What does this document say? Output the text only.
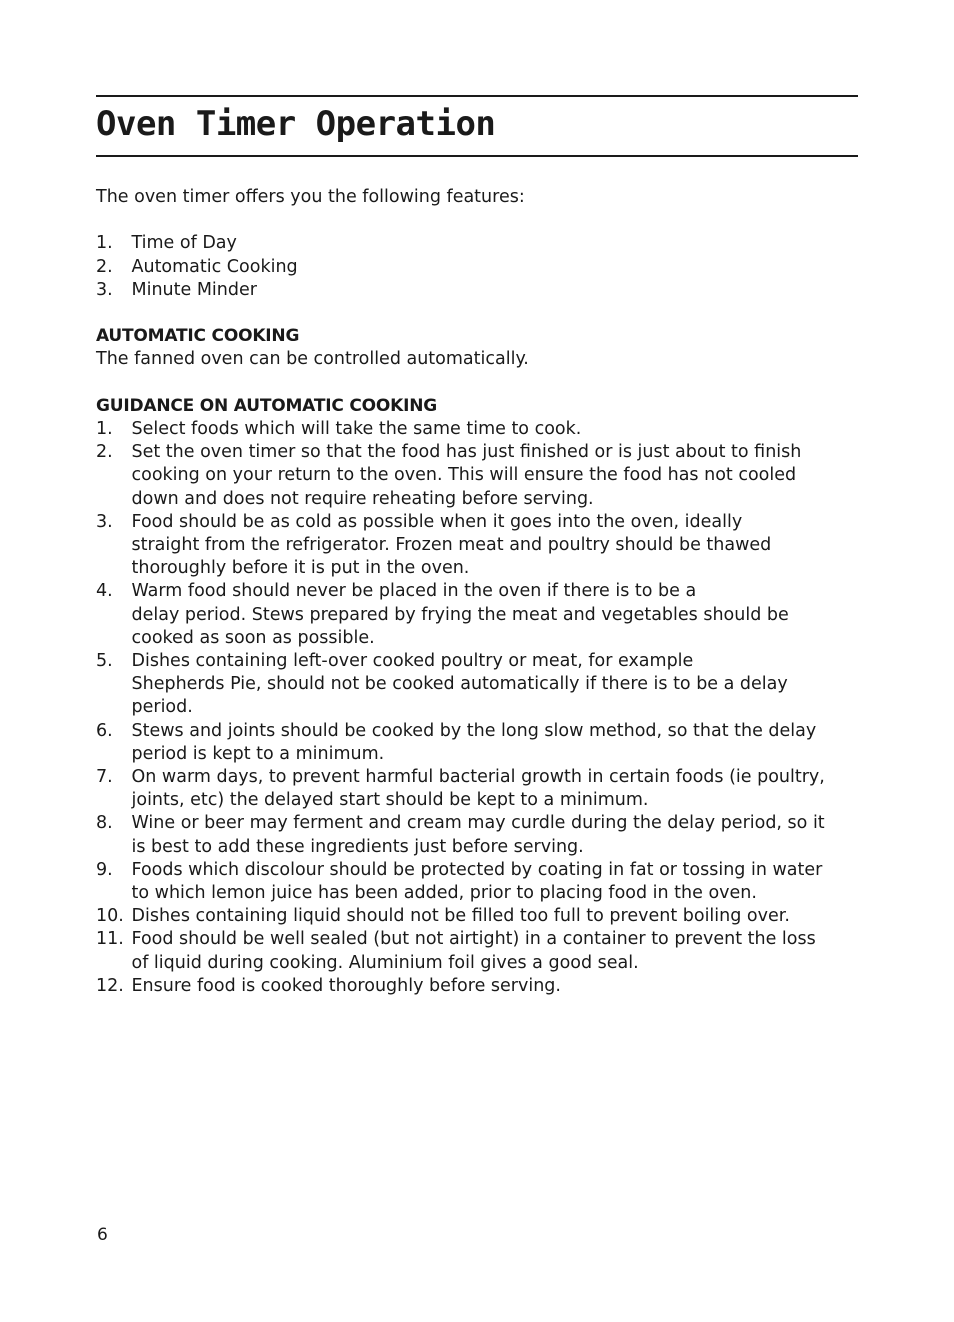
Oven Timer Operation

The oven timer offers you the following features:

1. Time of Day
2. Automatic Cooking
3. Minute Minder

AUTOMATIC COOKING

The fanned oven can be controlled automatically.

GUIDANCE ON AUTOMATIC COOKING

1. Select foods which will take the same time to cook.
2. Set the oven timer so that the food has just finished or is just about to finish
cooking on your return to the oven. This will ensure the food has not cooled
down and does not require reheating before serving.
3. Food should be as cold as possible when it goes into the oven, ideally
straight from the refrigerator. Frozen meat and poultry should be thawed
thoroughly before it is put in the oven.
4. Warm food should never be placed in the oven if there is to be a
delay period. Stews prepared by frying the meat and vegetables should be
cooked as soon as possible.
5. Dishes containing left-over cooked poultry or meat, for example
Shepherds Pie, should not be cooked automatically if there is to be a delay
period.
6. Stews and joints should be cooked by the long slow method, so that the delay
period is kept to a minimum.
7. On warm days, to prevent harmful bacterial growth in certain foods (ie poultry,
joints, etc) the delayed start should be kept to a minimum.
8. Wine or beer may ferment and cream may curdle during the delay period, so it
is best to add these ingredients just before serving.
9. Foods which discolour should be protected by coating in fat or tossing in water
to which lemon juice has been added, prior to placing food in the oven.
10. Dishes containing liquid should not be filled too full to prevent boiling over.
11. Food should be well sealed (but not airtight) in a container to prevent the loss
of liquid during cooking. Aluminium foil gives a good seal.
12. Ensure food is cooked thoroughly before serving.
6
